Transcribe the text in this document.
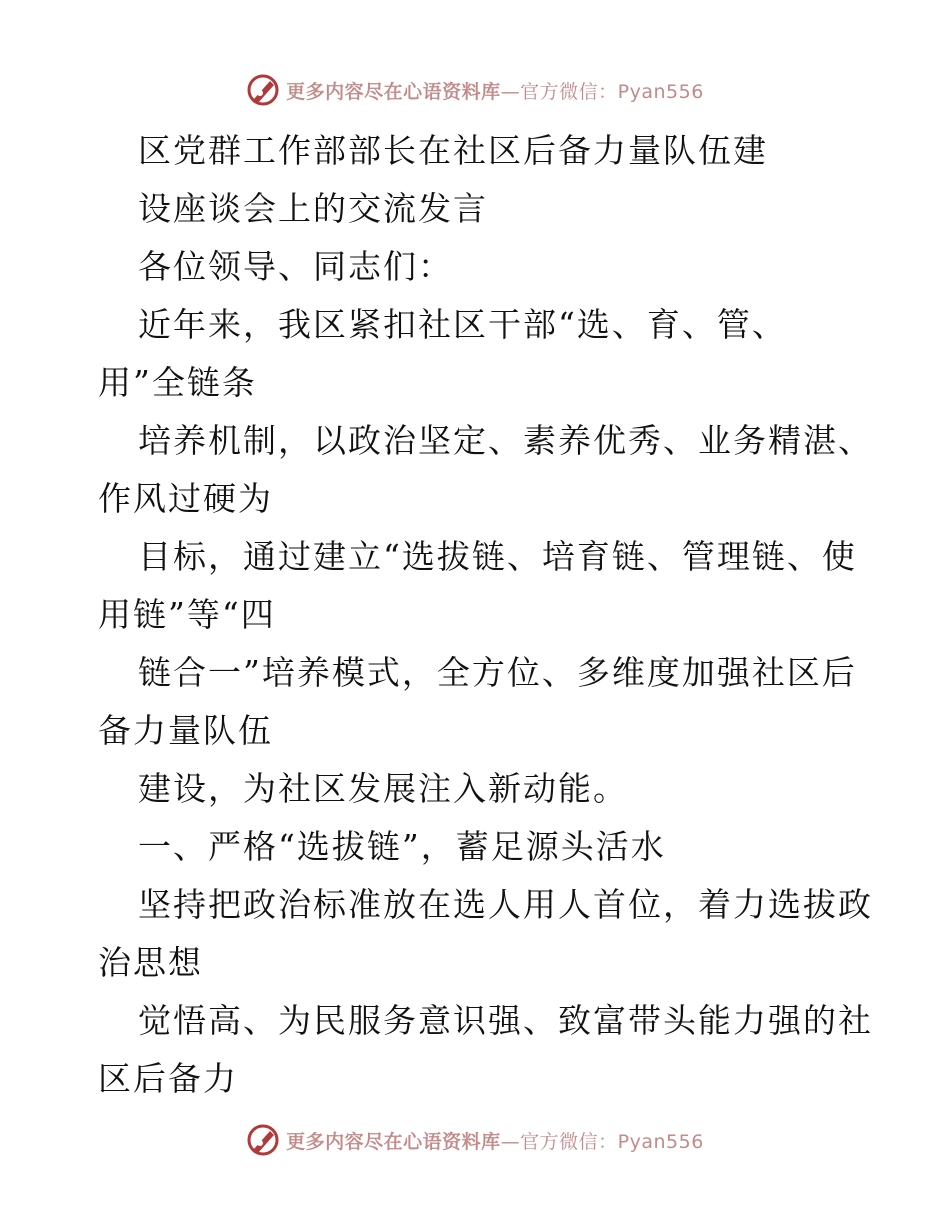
更多内容尽在心语资料库—官方微信：Pyan556
区党群工作部部长在社区后备力量队伍建
设座谈会上的交流发言
各位领导、同志们：
近年来，我区紧扣社区干部“选、育、管、
用”全链条
培养机制，以政治坚定、素养优秀、业务精湛、
作风过硬为
目标，通过建立“选拔链、培育链、管理链、使
用链”等“四
链合一”培养模式，全方位、多维度加强社区后
备力量队伍
建设，为社区发展注入新动能。
一、严格“选拔链”，蓄足源头活水
坚持把政治标准放在选人用人首位，着力选拔政
治思想
觉悟高、为民服务意识强、致富带头能力强的社
区后备力
更多内容尽在心语资料库—官方微信：Pyan556
